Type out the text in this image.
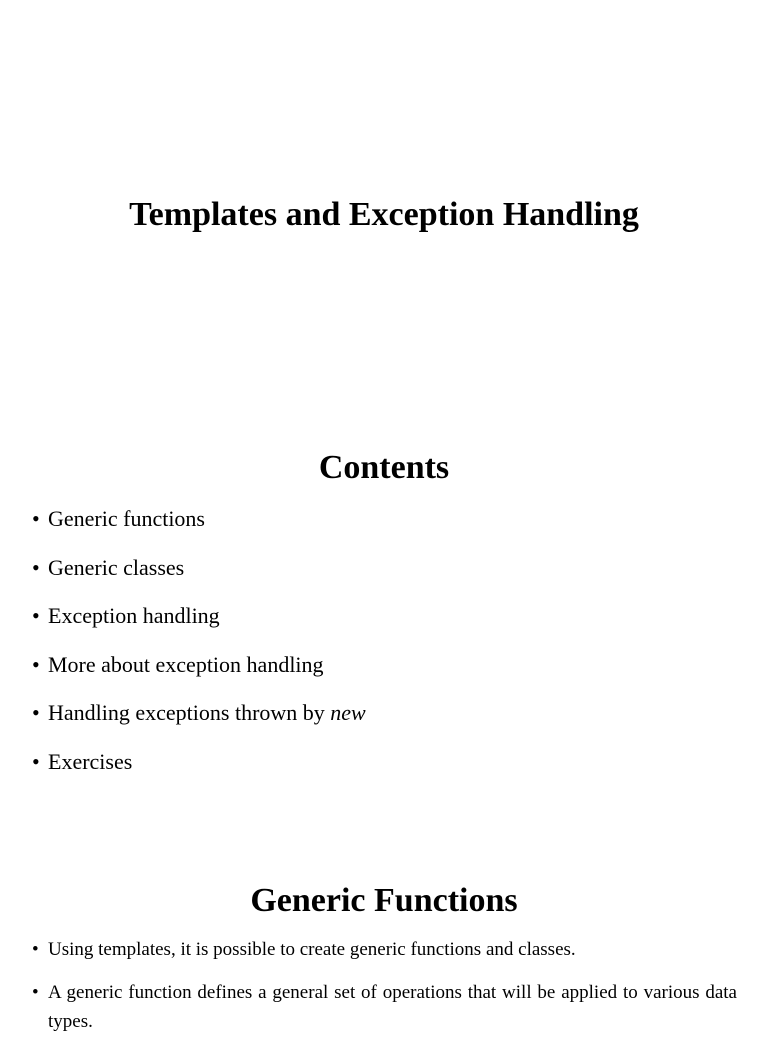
Templates and Exception Handling
Contents
• Generic functions
• Generic classes
• Exception handling
• More about exception handling
• Handling exceptions thrown by new
• Exercises
Generic Functions
• Using templates, it is possible to create generic functions and classes.
• A generic function defines a general set of operations that will be applied to various data types.
